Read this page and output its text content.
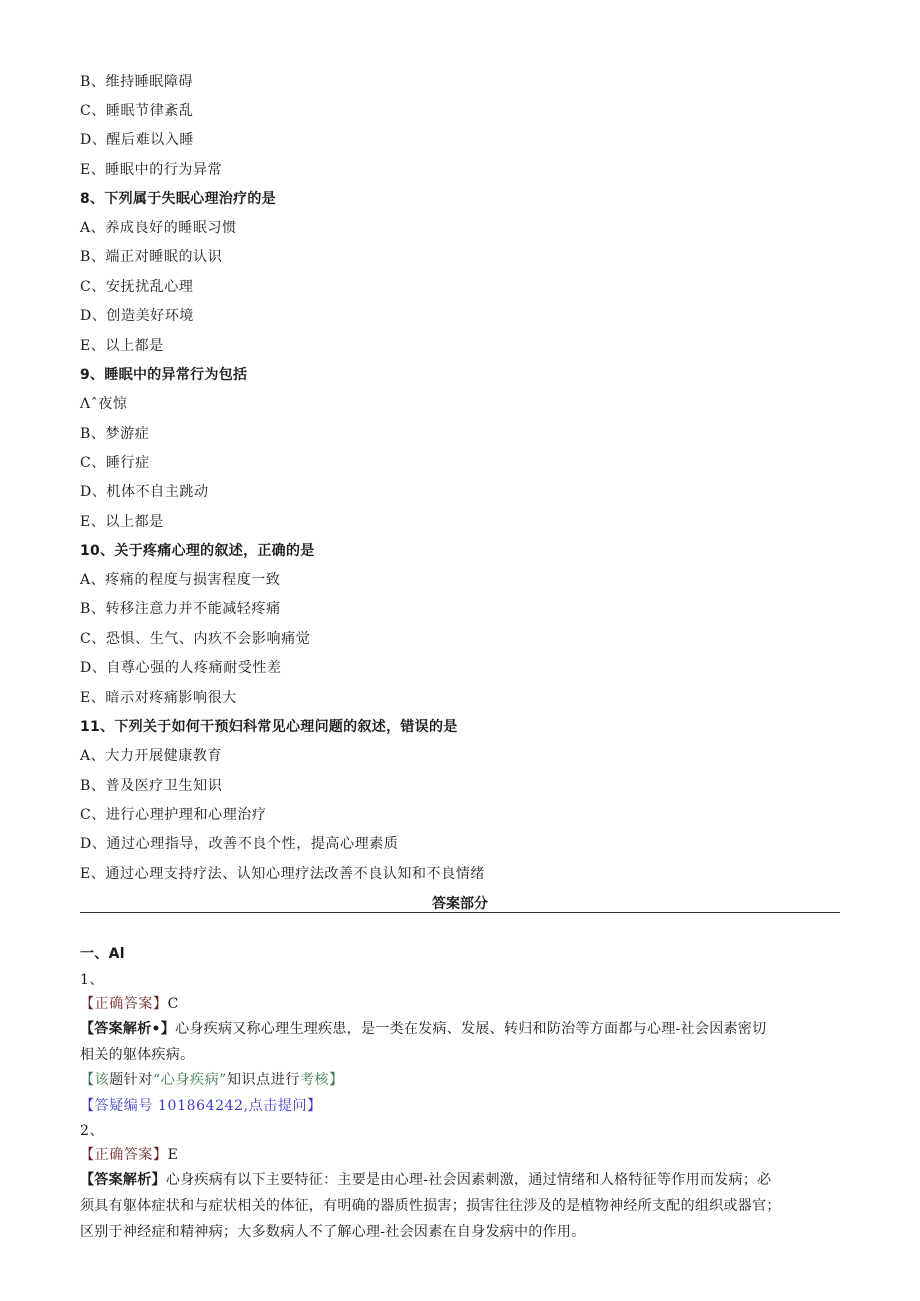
B、维持睡眠障碍
C、睡眠节律紊乱
D、醒后难以入睡
E、睡眠中的行为异常
8、下列属于失眠心理治疗的是
A、养成良好的睡眠习惯
B、端正对睡眠的认识
C、安抚扰乱心理
D、创造美好环境
E、以上都是
9、睡眠中的异常行为包括
Λˆ夜惊
B、梦游症
C、睡行症
D、机体不自主跳动
E、以上都是
10、关于疼痛心理的叙述，正确的是
A、疼痛的程度与损害程度一致
B、转移注意力并不能减轻疼痛
C、恐惧、生气、内疚不会影响痛觉
D、自尊心强的人疼痛耐受性差
E、暗示对疼痛影响很大
11、下列关于如何干预妇科常见心理问题的叙述，错误的是
A、大力开展健康教育
B、普及医疗卫生知识
C、进行心理护理和心理治疗
D、通过心理指导，改善不良个性，提高心理素质
E、通过心理支持疗法、认知心理疗法改善不良认知和不良情绪
答案部分
一、Al
1、
【正确答案】C
【答案解析•】心身疾病又称心理生理疾患，是一类在发病、发展、转归和防治等方面都与心理-社会因素密切
相关的躯体疾病。
【该题针对“心身疾病”知识点进行考核】
【答疑编号 101864242,点击提问】
2、
【正确答案】E
【答案解析】心身疾病有以下主要特征：主要是由心理-社会因素刺激，通过情绪和人格特征等作用而发病；必
须具有躯体症状和与症状相关的体征，有明确的器质性损害；损害往往涉及的是植物神经所支配的组织或器官；
区别于神经症和精神病；大多数病人不了解心理-社会因素在自身发病中的作用。
